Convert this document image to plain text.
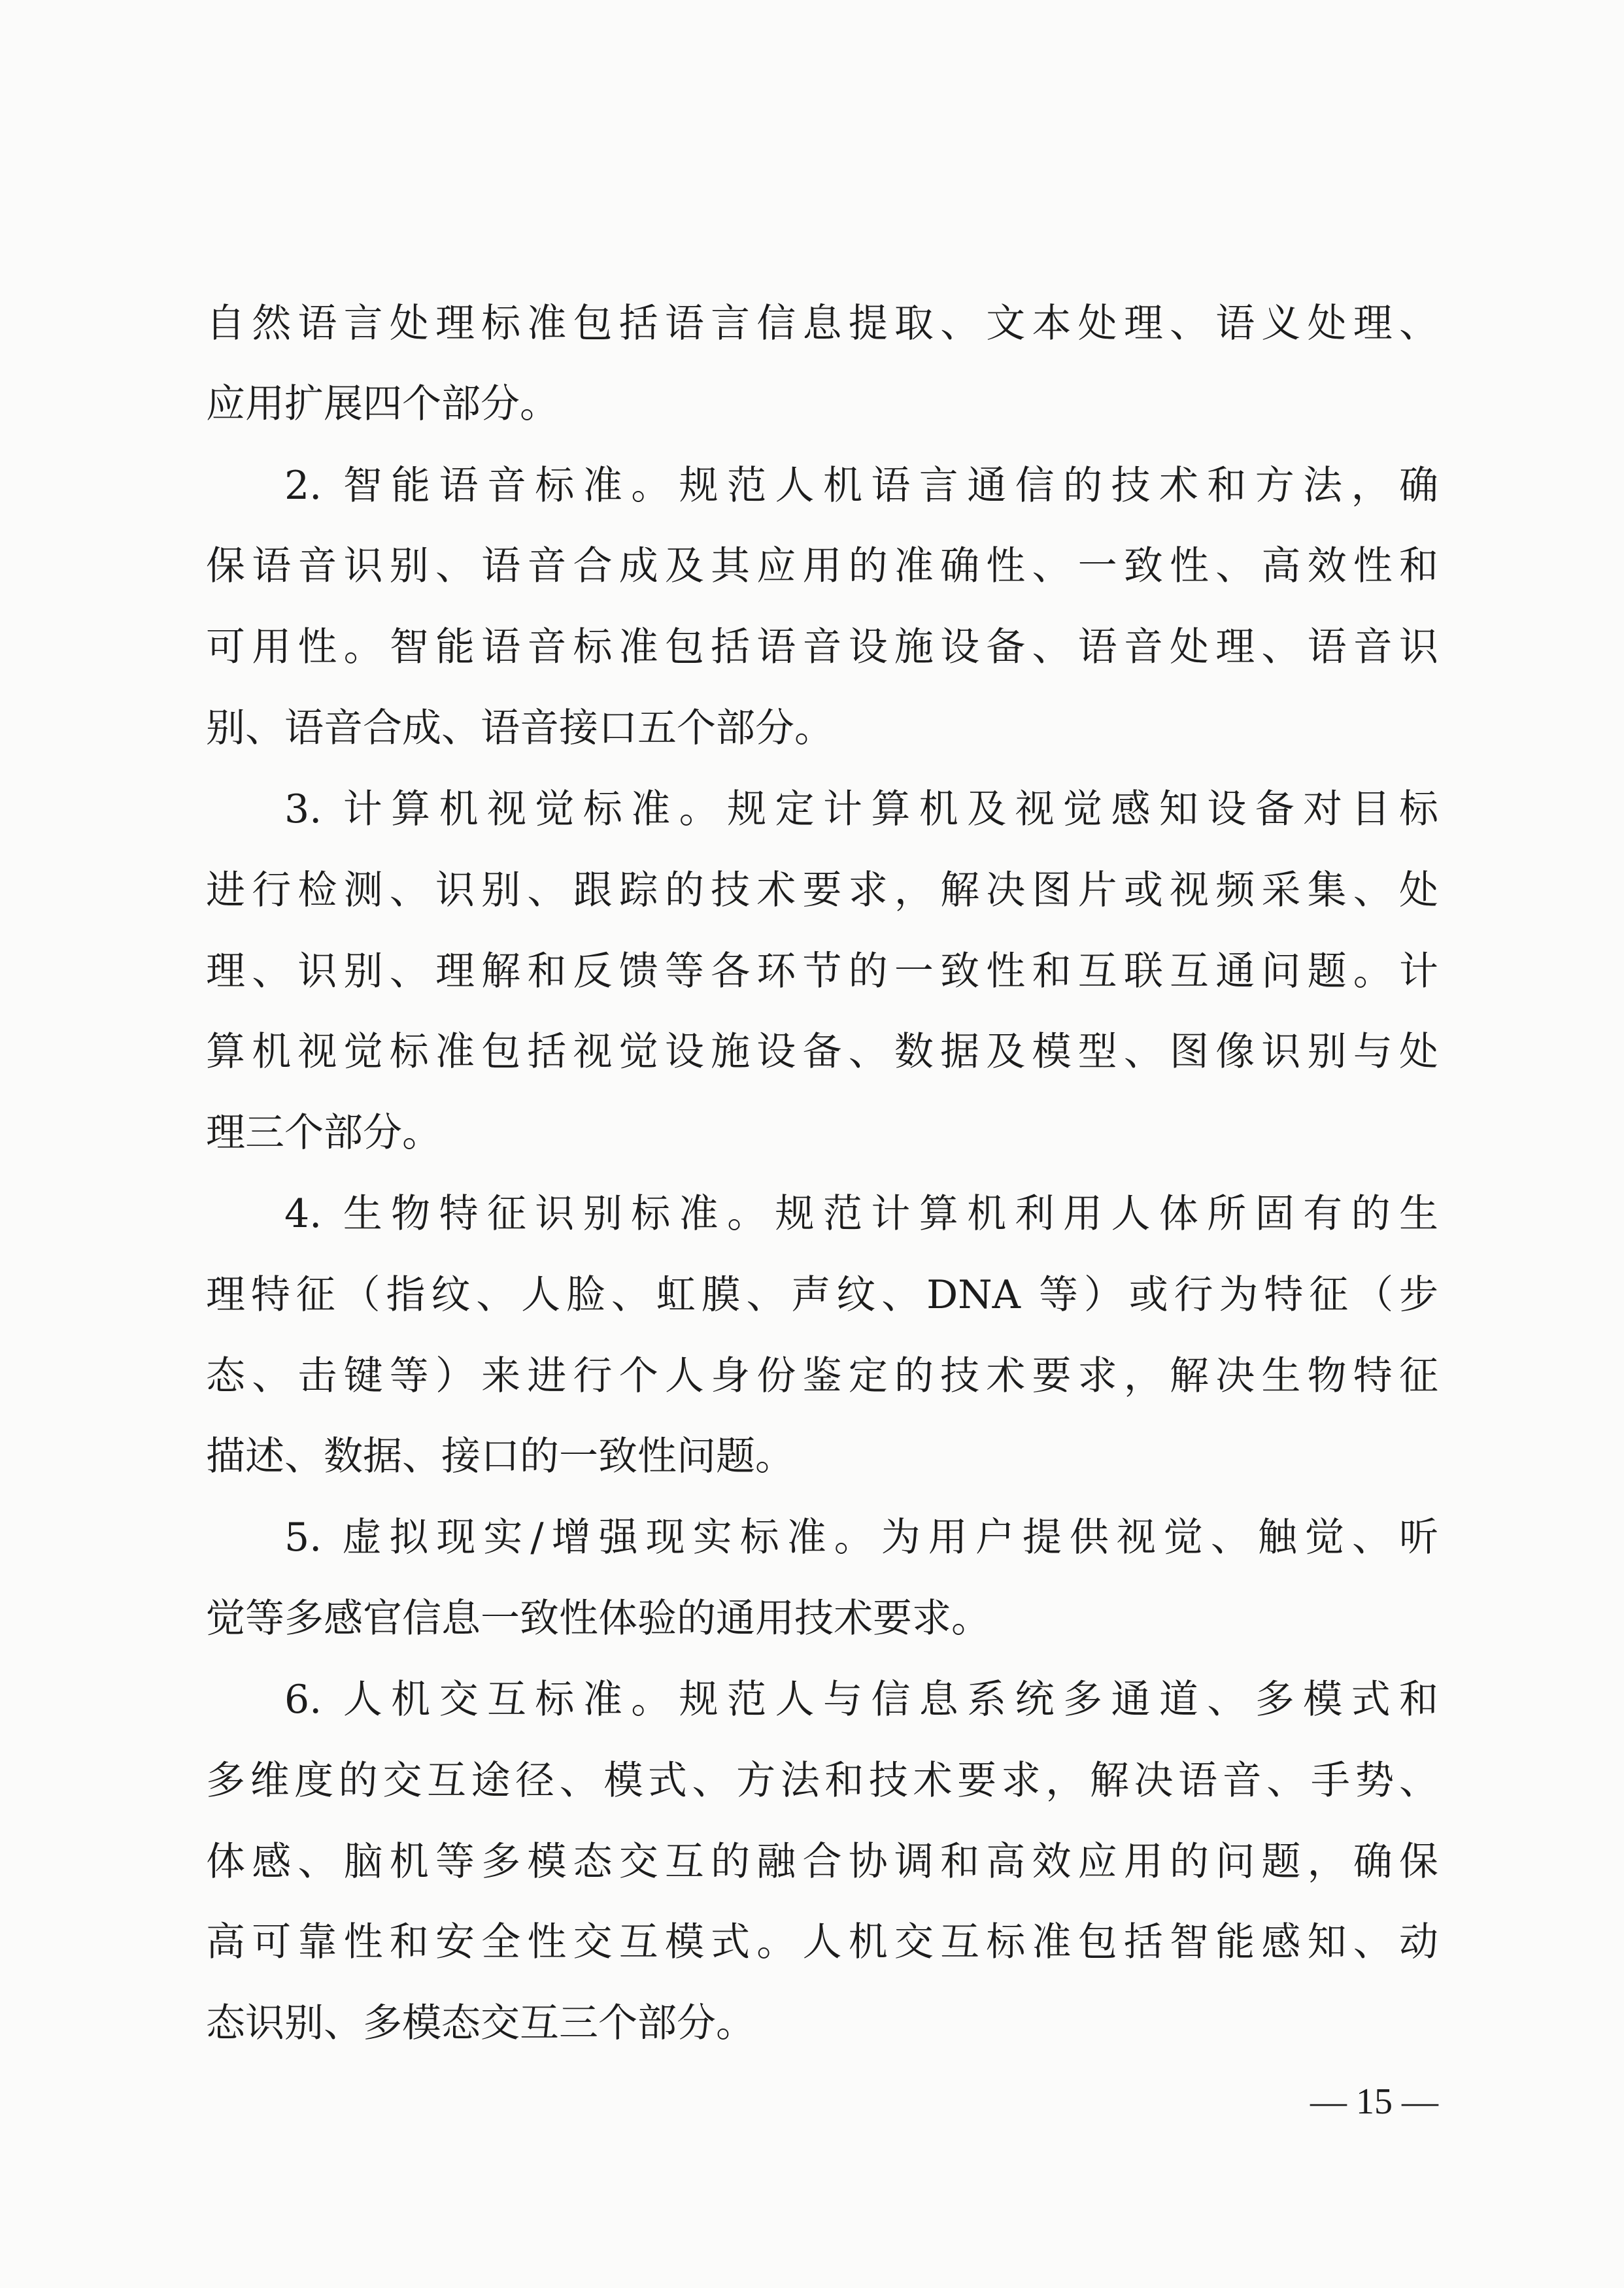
自然语言处理标准包括语言信息提取、文本处理、语义处理、
应用扩展四个部分。
2. 智能语音标准。规范人机语言通信的技术和方法，确
保语音识别、语音合成及其应用的准确性、一致性、高效性和
可用性。智能语音标准包括语音设施设备、语音处理、语音识
别、语音合成、语音接口五个部分。
3. 计算机视觉标准。规定计算机及视觉感知设备对目标
进行检测、识别、跟踪的技术要求，解决图片或视频采集、处
理、识别、理解和反馈等各环节的一致性和互联互通问题。计
算机视觉标准包括视觉设施设备、数据及模型、图像识别与处
理三个部分。
4. 生物特征识别标准。规范计算机利用人体所固有的生
理特征（指纹、人脸、虹膜、声纹、DNA 等）或行为特征（步
态、击键等）来进行个人身份鉴定的技术要求，解决生物特征
描述、数据、接口的一致性问题。
5. 虚拟现实/增强现实标准。为用户提供视觉、触觉、听
觉等多感官信息一致性体验的通用技术要求。
6. 人机交互标准。规范人与信息系统多通道、多模式和
多维度的交互途径、模式、方法和技术要求，解决语音、手势、
体感、脑机等多模态交互的融合协调和高效应用的问题，确保
高可靠性和安全性交互模式。人机交互标准包括智能感知、动
态识别、多模态交互三个部分。
— 15 —
